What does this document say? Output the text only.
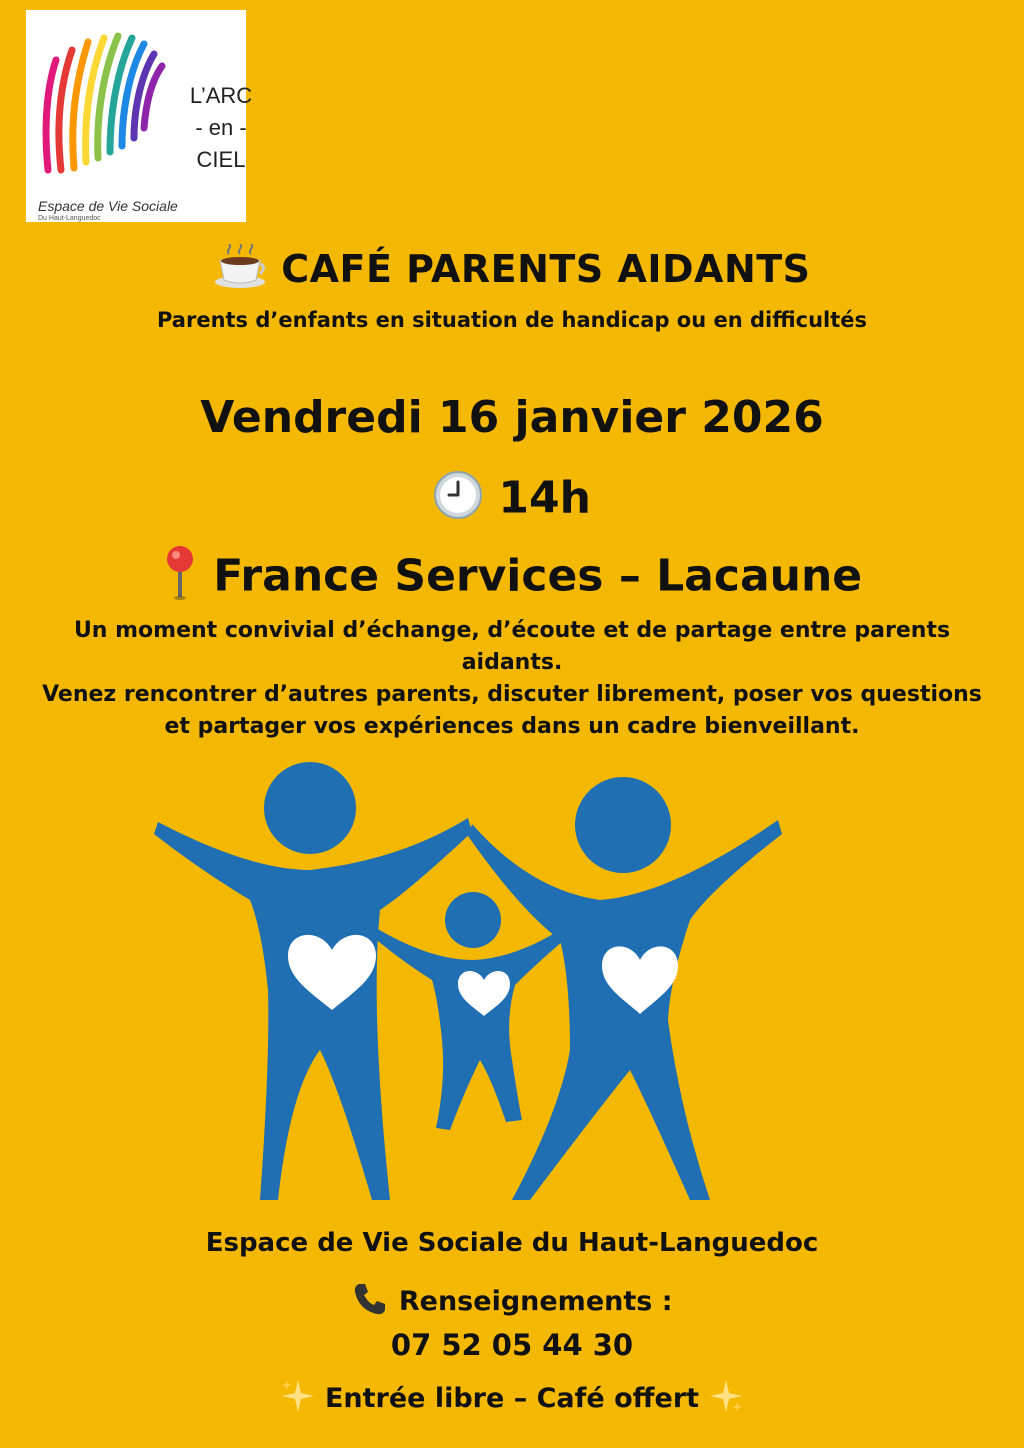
L’ARC
- en -
CIEL
Espace de Vie Sociale
Du Haut-Languedoc
CAFÉ PARENTS AIDANTS
Parents d’enfants en situation de handicap ou en difficultés
Vendredi 16 janvier 2026
14h
France Services – Lacaune

Un moment convivial d’échange, d’écoute et de partage entre parents

aidants.

Venez rencontrer d’autres parents, discuter librement, poser vos questions

et partager vos expériences dans un cadre bienveillant.

Espace de Vie Sociale du Haut-Languedoc
Renseignements :
07 52 05 44 30
Entrée libre – Café offert
